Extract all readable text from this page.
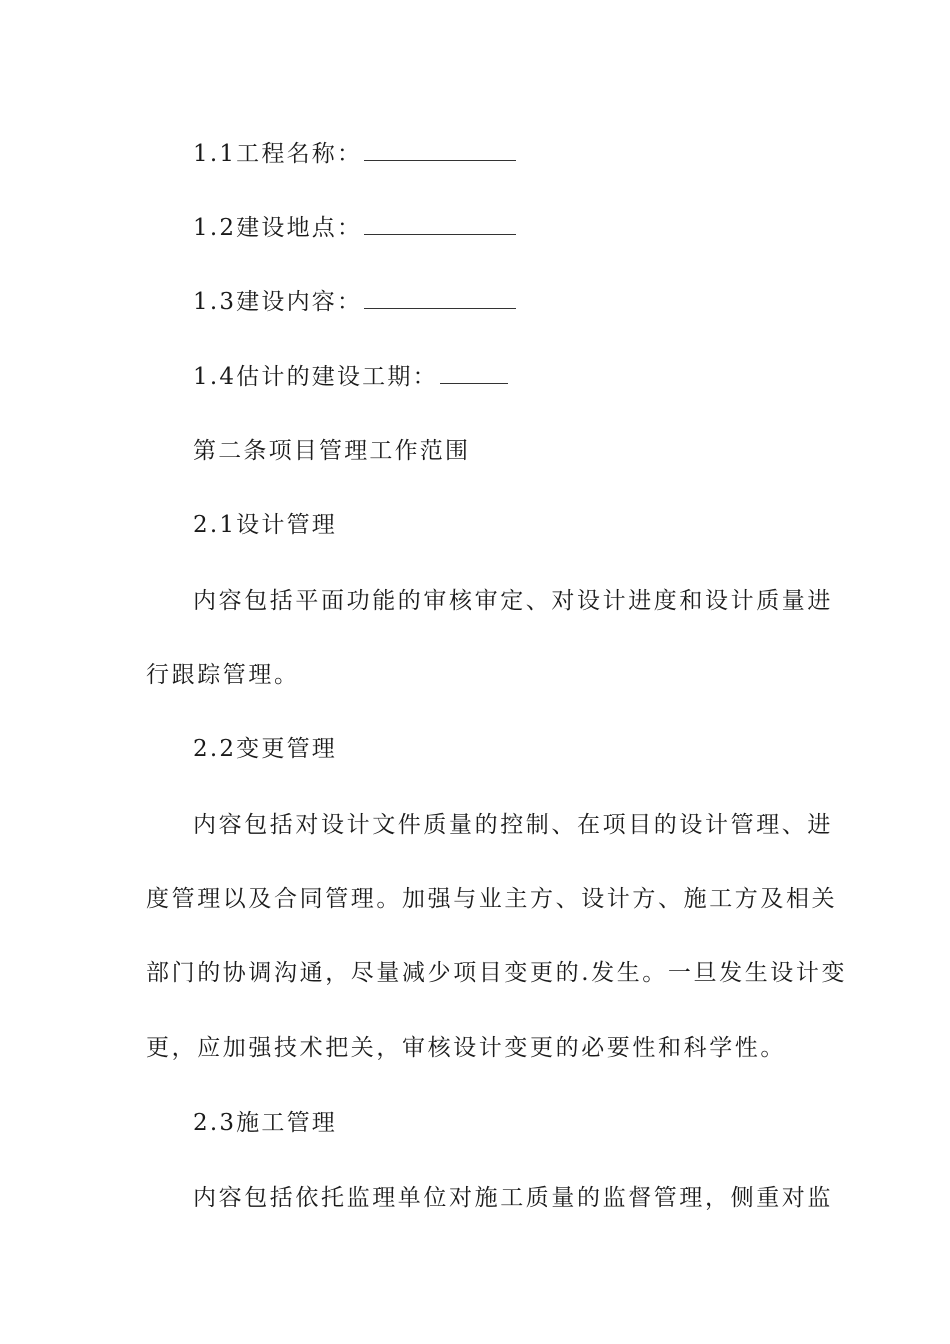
1.1工程名称：
1.2建设地点：
1.3建设内容：
1.4估计的建设工期：
第二条项目管理工作范围
2.1设计管理
内容包括平面功能的审核审定、对设计进度和设计质量进
行跟踪管理。
2.2变更管理
内容包括对设计文件质量的控制、在项目的设计管理、进
度管理以及合同管理。加强与业主方、设计方、施工方及相关
部门的协调沟通，尽量减少项目变更的.发生。一旦发生设计变
更，应加强技术把关，审核设计变更的必要性和科学性。
2.3施工管理
内容包括依托监理单位对施工质量的监督管理，侧重对监
